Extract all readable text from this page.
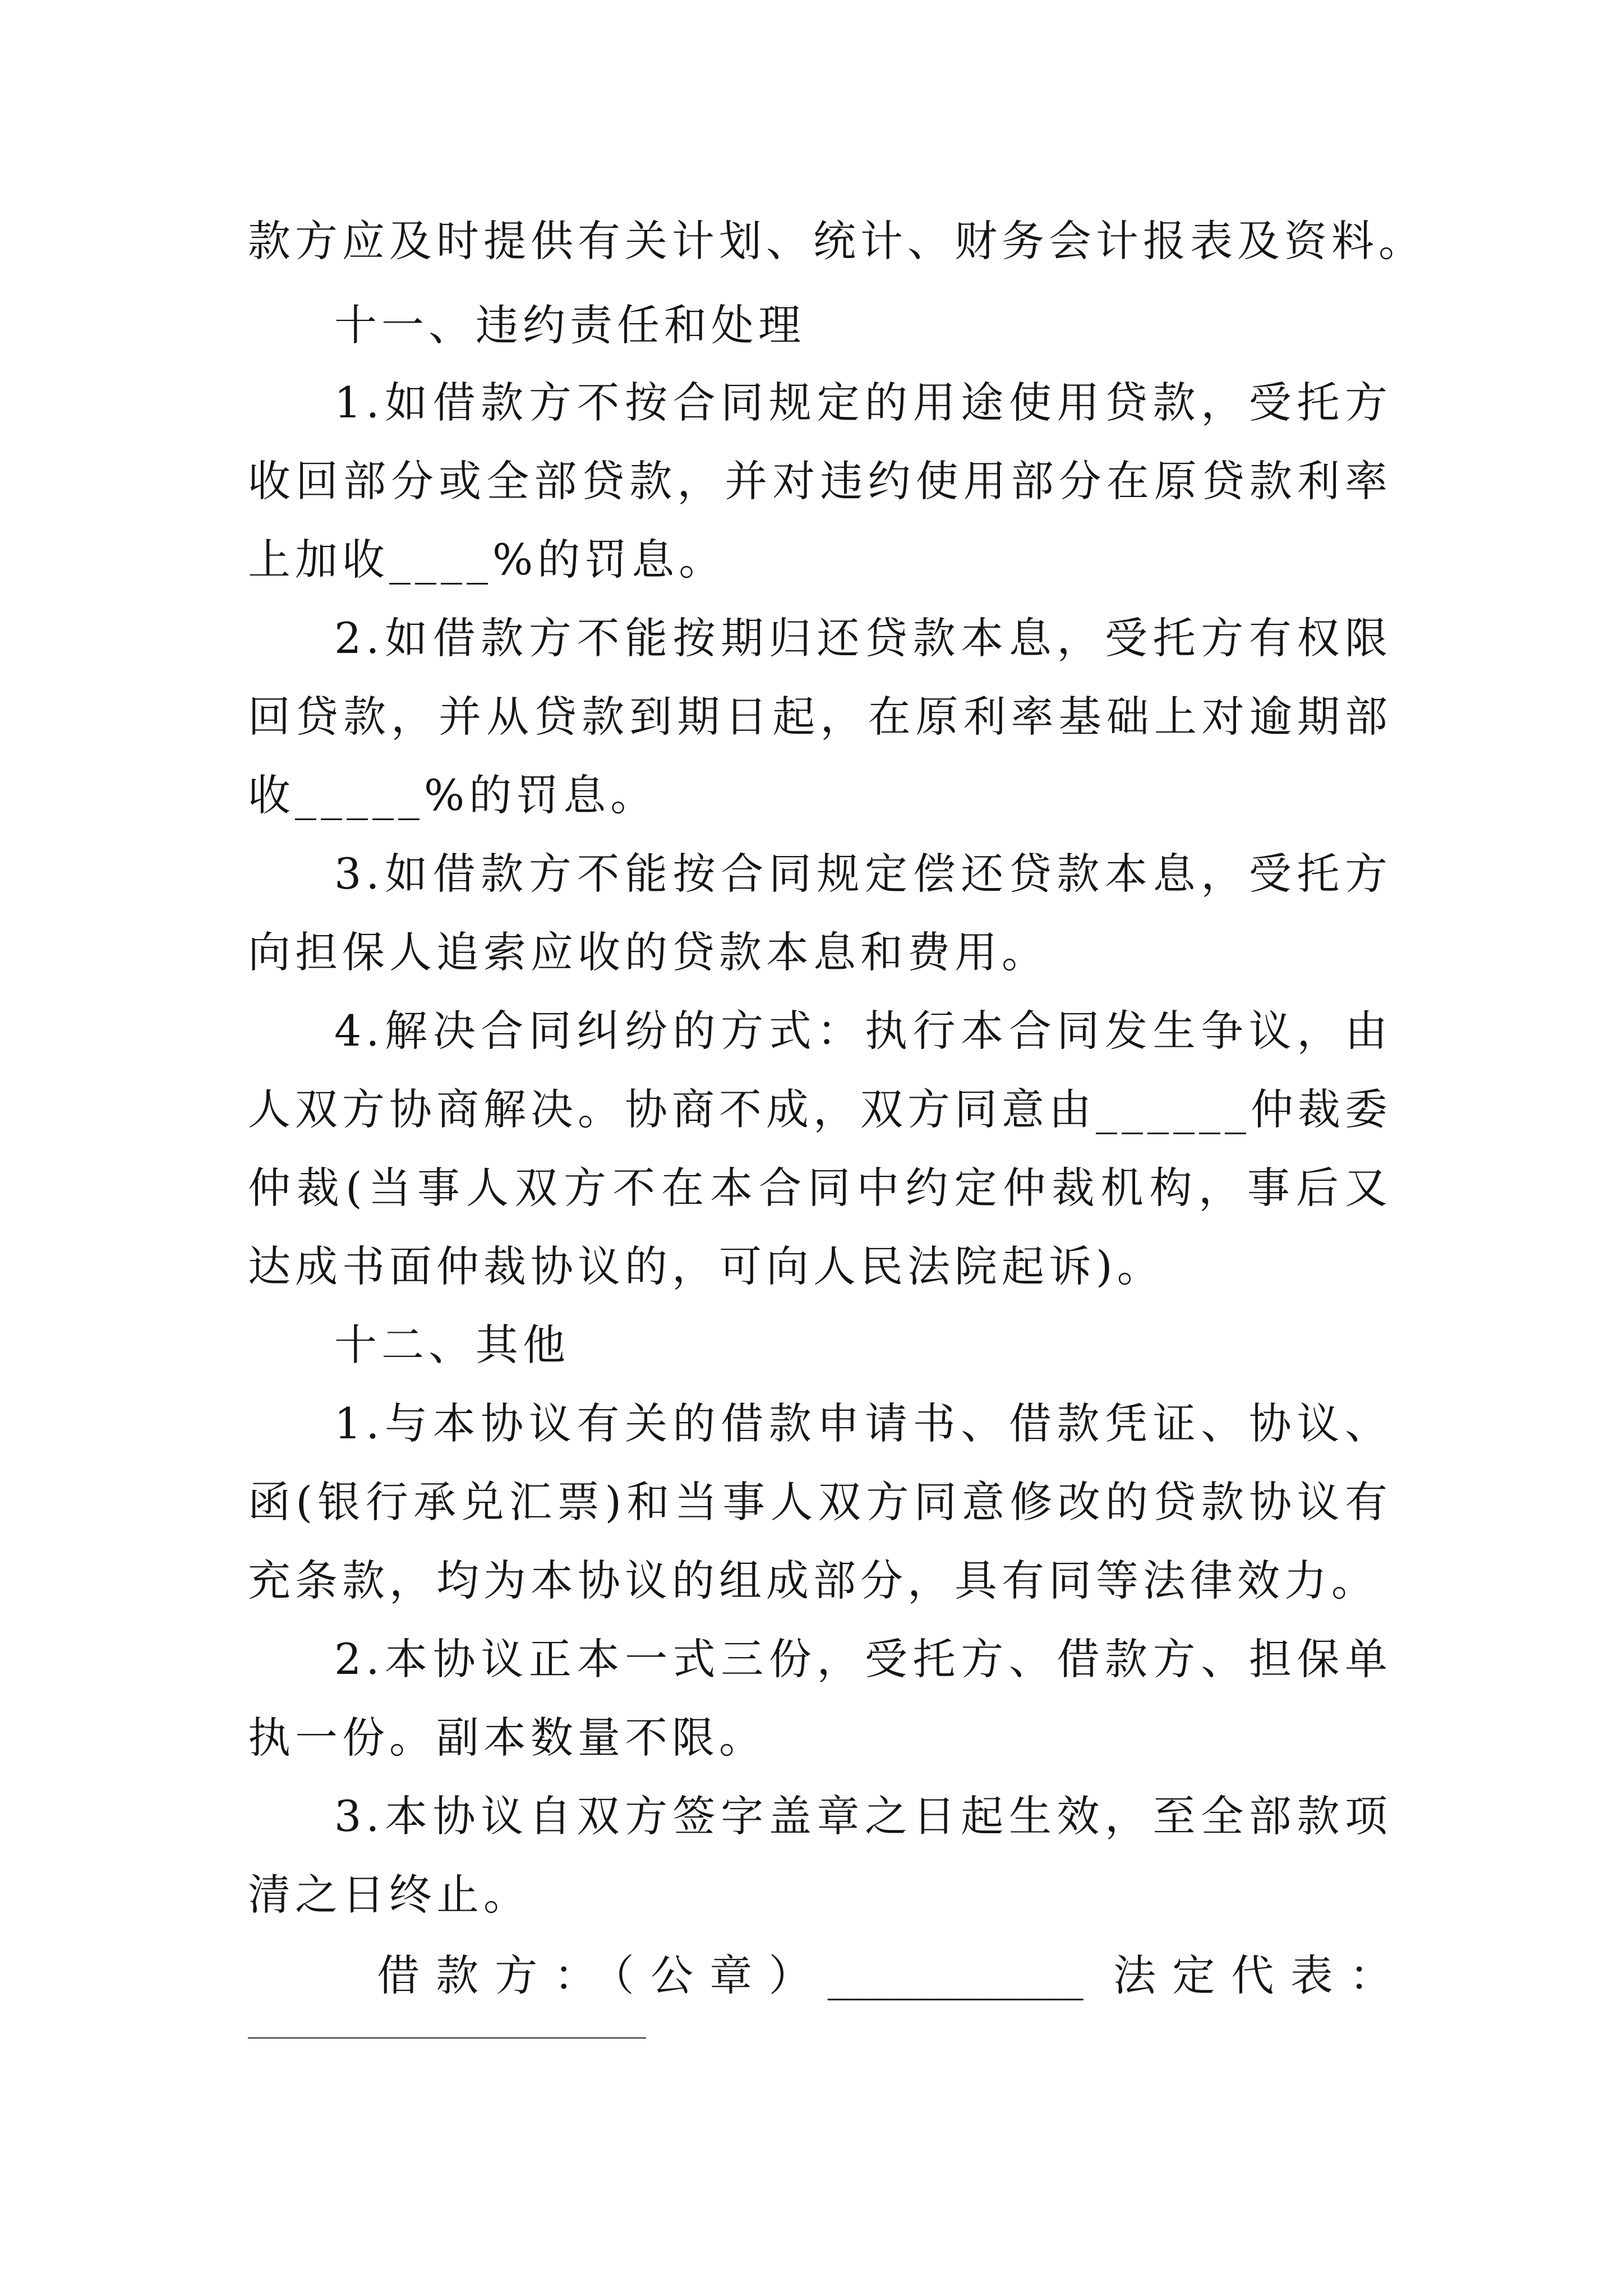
款方应及时提供有关计划、统计、财务会计报表及资料。
十一、违约责任和处理
1.如借款方不按合同规定的用途使用贷款，受托方
收回部分或全部贷款，并对违约使用部分在原贷款利率
上加收____%的罚息。
2.如借款方不能按期归还贷款本息，受托方有权限
回贷款，并从贷款到期日起，在原利率基础上对逾期部
收_____%的罚息。
3.如借款方不能按合同规定偿还贷款本息，受托方
向担保人追索应收的贷款本息和费用。
4.解决合同纠纷的方式：执行本合同发生争议，由
人双方协商解决。协商不成，双方同意由______仲裁委
仲裁(当事人双方不在本合同中约定仲裁机构，事后又
达成书面仲裁协议的，可向人民法院起诉)。
十二、其他
1.与本协议有关的借款申请书、借款凭证、协议、
函(银行承兑汇票)和当事人双方同意修改的贷款协议有
充条款，均为本协议的组成部分，具有同等法律效力。
2.本协议正本一式三份，受托方、借款方、担保单
执一份。副本数量不限。
3.本协议自双方签字盖章之日起生效，至全部款项
清之日终止。
借款方：（公章）____________ 法定代表：
